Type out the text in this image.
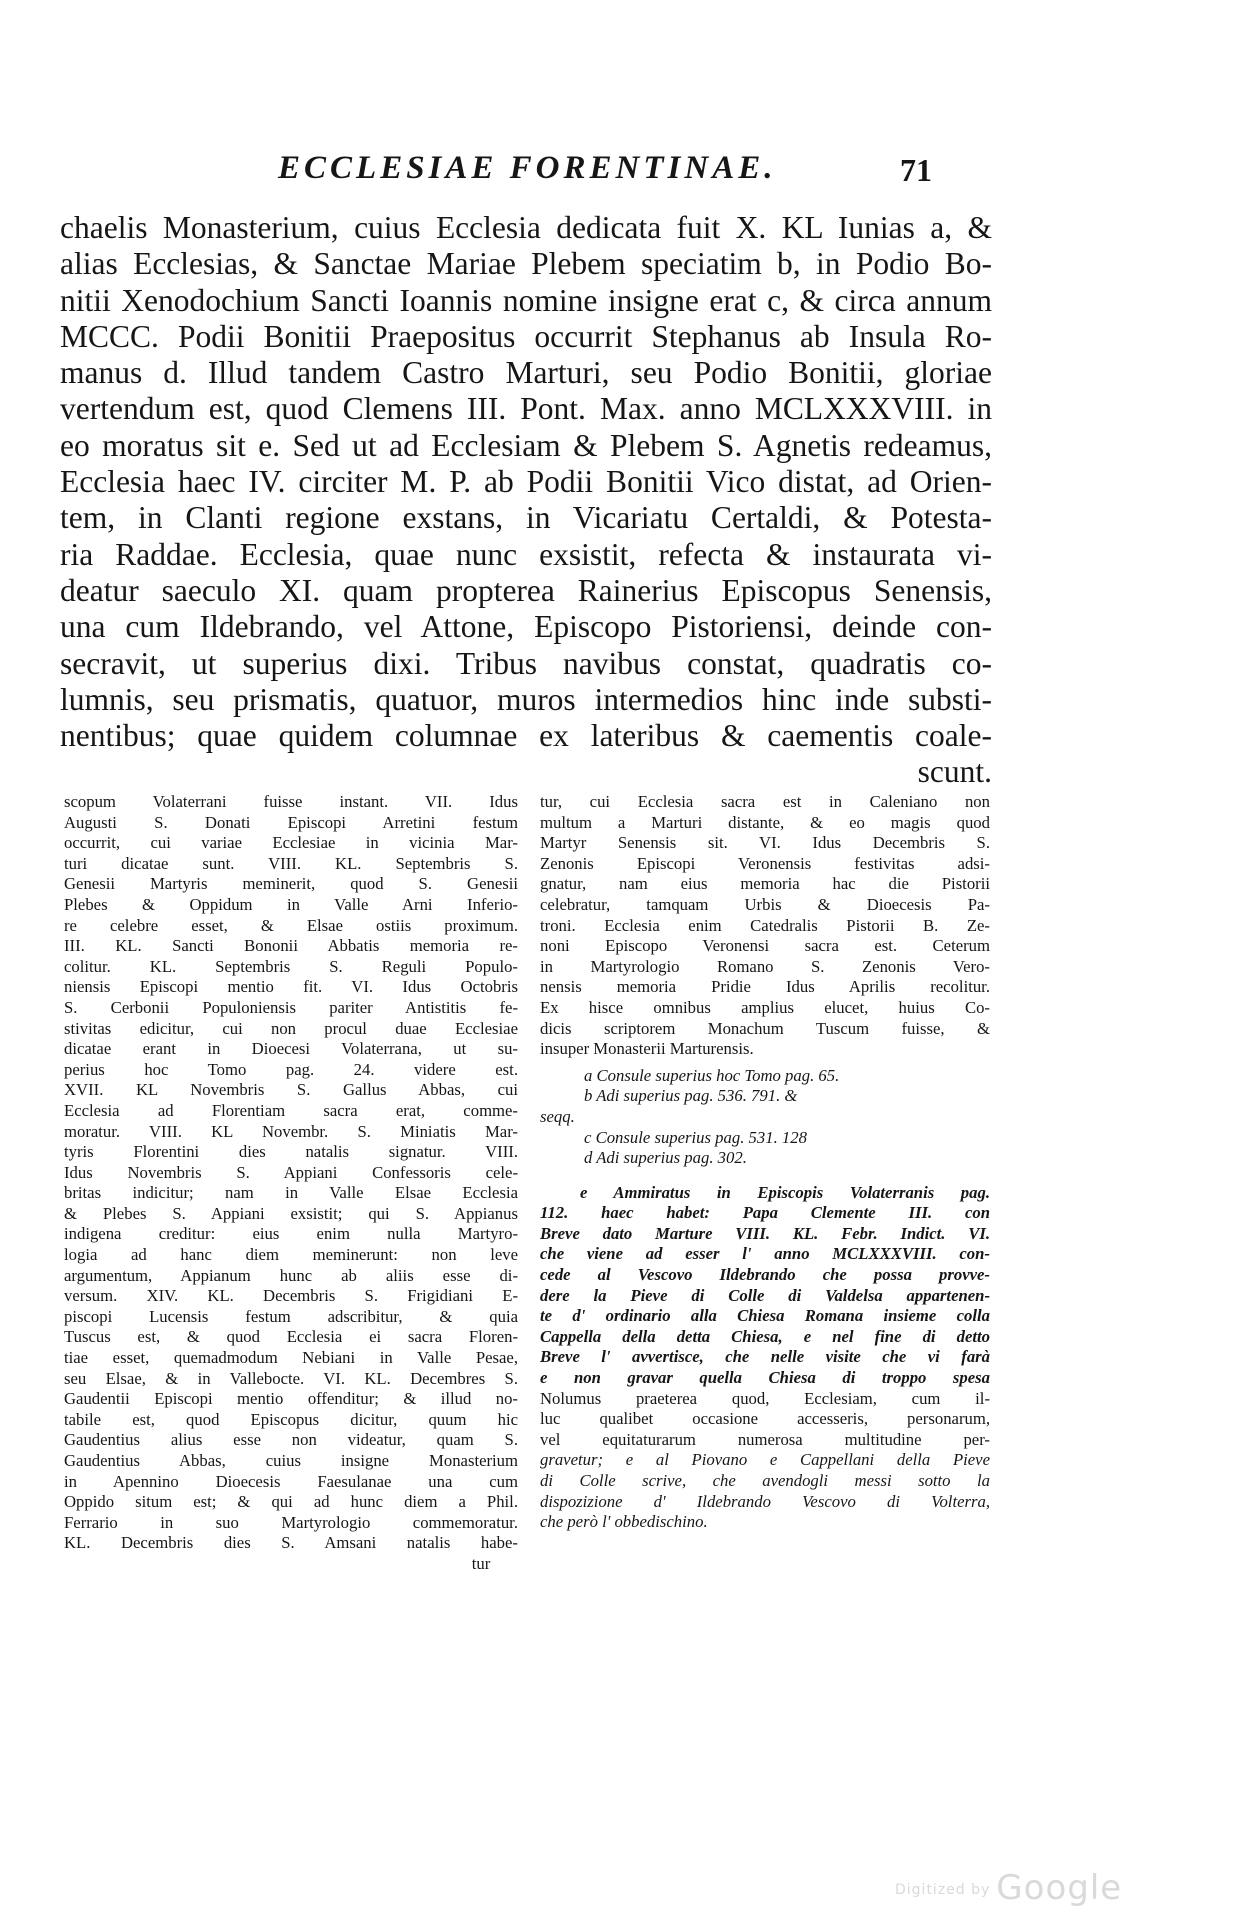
ECCLESIAE FORENTINAE.	71
chaelis Monasterium, cuius Ecclesia dedicata fuit X. KL Iunias a, &
alias Ecclesias, & Sanctae Mariae Plebem speciatim b, in Podio Bo-
nitii Xenodochium Sancti Ioannis nomine insigne erat c, & circa annum
MCCC. Podii Bonitii Praepositus occurrit Stephanus ab Insula Ro-
manus d. Illud tandem Castro Marturi, seu Podio Bonitii, gloriae
vertendum est, quod Clemens III. Pont. Max. anno MCLXXXVIII. in
eo moratus sit e. Sed ut ad Ecclesiam & Plebem S. Agnetis redeamus,
Ecclesia haec IV. circiter M. P. ab Podii Bonitii Vico distat, ad Orien-
tem, in Clanti regione exstans, in Vicariatu Certaldi, & Potesta-
ria Raddae. Ecclesia, quae nunc exsistit, refecta & instaurata vi-
deatur saeculo XI. quam propterea Rainerius Episcopus Senensis,
una cum Ildebrando, vel Attone, Episcopo Pistoriensi, deinde con-
secravit, ut superius dixi. Tribus navibus constat, quadratis co-
lumnis, seu prismatis, quatuor, muros intermedios hinc inde substi-
nentibus; quae quidem columnae ex lateribus & caementis coale-
scunt.
scopum Volaterrani fuisse instant. VII. Idus
Augusti S. Donati Episcopi Arretini festum
occurrit, cui variae Ecclesiae in vicinia Mar-
turi dicatae sunt. VIII. KL. Septembris S.
Genesii Martyris meminerit, quod S. Genesii
Plebes & Oppidum in Valle Arni Inferio-
re celebre esset, & Elsae ostiis proximum.
III. KL. Sancti Bononii Abbatis memoria re-
colitur. KL. Septembris S. Reguli Populo-
niensis Episcopi mentio fit. VI. Idus Octobris
S. Cerbonii Populoniensis pariter Antistitis fe-
stivitas edicitur, cui non procul duae Ecclesiae
dicatae erant in Dioecesi Volaterrana, ut su-
perius hoc Tomo pag. 24. videre est.
XVII. KL Novembris S. Gallus Abbas, cui
Ecclesia ad Florentiam sacra erat, comme-
moratur. VIII. KL Novembr. S. Miniatis Mar-
tyris Florentini dies natalis signatur. VIII.
Idus Novembris S. Appiani Confessoris cele-
britas indicitur; nam in Valle Elsae Ecclesia
& Plebes S. Appiani exsistit; qui S. Appianus
indigena creditur: eius enim nulla Martyro-
logia ad hanc diem meminerunt: non leve
argumentum, Appianum hunc ab aliis esse di-
versum. XIV. KL. Decembris S. Frigidiani E-
piscopi Lucensis festum adscribitur, & quia
Tuscus est, & quod Ecclesia ei sacra Floren-
tiae esset, quemadmodum Nebiani in Valle Pesae,
seu Elsae, & in Vallebocte. VI. KL. Decembres S.
Gaudentii Episcopi mentio offenditur; & illud no-
tabile est, quod Episcopus dicitur, quum hic
Gaudentius alius esse non videatur, quam S.
Gaudentius Abbas, cuius insigne Monasterium
in Apennino Dioecesis Faesulanae una cum
Oppido situm est; & qui ad hunc diem a Phil.
Ferrario in suo Martyrologio commemoratur.
KL. Decembris dies S. Amsani natalis habe-
tur
tur, cui Ecclesia sacra est in Caleniano non
multum a Marturi distante, & eo magis quod
Martyr Senensis sit. VI. Idus Decembris S.
Zenonis Episcopi Veronensis festivitas adsi-
gnatur, nam eius memoria hac die Pistorii
celebratur, tamquam Urbis & Dioecesis Pa-
troni. Ecclesia enim Catedralis Pistorii B. Ze-
noni Episcopo Veronensi sacra est. Ceterum
in Martyrologio Romano S. Zenonis Vero-
nensis memoria Pridie Idus Aprilis recolitur.
Ex hisce omnibus amplius elucet, huius Co-
dicis scriptorem Monachum Tuscum fuisse, &
insuper Monasterii Marturensis.
a Consule superius hoc Tomo pag. 65.
b Adi superius pag. 536. 791. &
seqq.
c Consule superius pag. 531. 128
d Adi superius pag. 302.
e Ammiratus in Episcopis Volaterranis pag.
112. haec habet: Papa Clemente III. con
Breve dato Marture VIII. KL. Febr. Indict. VI.
che viene ad esser l' anno MCLXXXVIII. con-
cede al Vescovo Ildebrando che possa provve-
dere la Pieve di Colle di Valdelsa appartenen-
te d' ordinario alla Chiesa Romana insieme colla
Cappella della detta Chiesa, e nel fine di detto
Breve l' avvertisce, che nelle visite che vi farà
e non gravar quella Chiesa di troppo spesa
Nolumus praeterea quod, Ecclesiam, cum il-
luc qualibet occasione accesseris, personarum,
vel equitaturarum numerosa multitudine per-
gravetur; e al Piovano e Cappellani della Pieve
di Colle scrive, che avendogli messi sotto la
dispozizione d' Ildebrando Vescovo di Volterra,
che però l' obbedischino.
Digitized by Google
